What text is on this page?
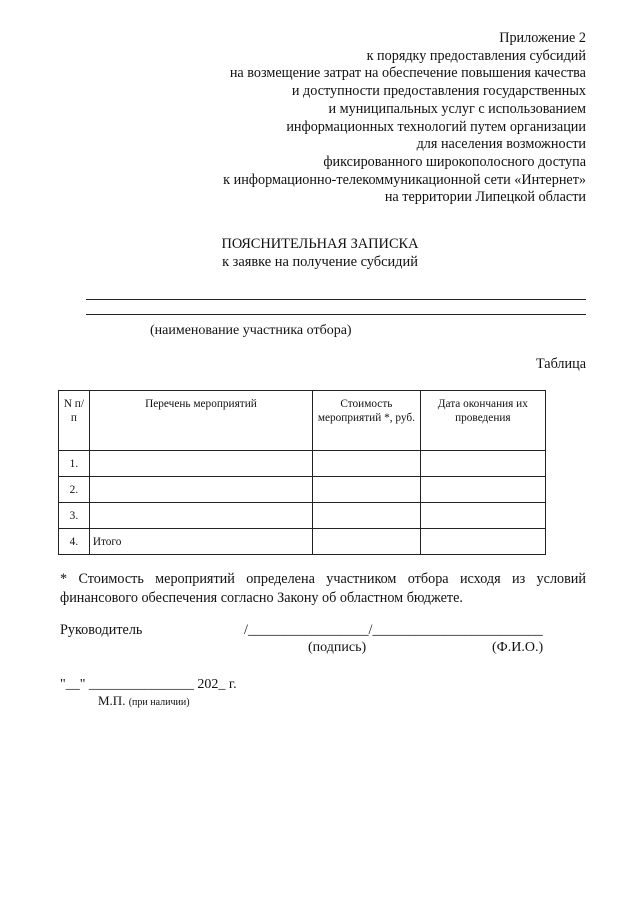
Приложение 2
к порядку предоставления субсидий
на возмещение затрат на обеспечение повышения качества
и доступности предоставления государственных
и муниципальных услуг с использованием
информационных технологий путем организации
для населения возможности
фиксированного широкополосного доступа
к информационно-телекоммуникационной сети «Интернет»
на территории Липецкой области
ПОЯСНИТЕЛЬНАЯ ЗАПИСКА
к заявке на получение субсидий
(наименование участника отбора)
Таблица
N п/п	Перечень мероприятий	Стоимость мероприятий *, руб.	Дата окончания их проведения
1.			
2.			
3.			
4.	Итого		
* Стоимость мероприятий определена участником отбора исходя из условий финансового обеспечения согласно Закону об областном бюджете.
Руководитель	/_________________/________________________
(подпись)	(Ф.И.О.)
"__" _______________ 202_ г.
М.П. (при наличии)
